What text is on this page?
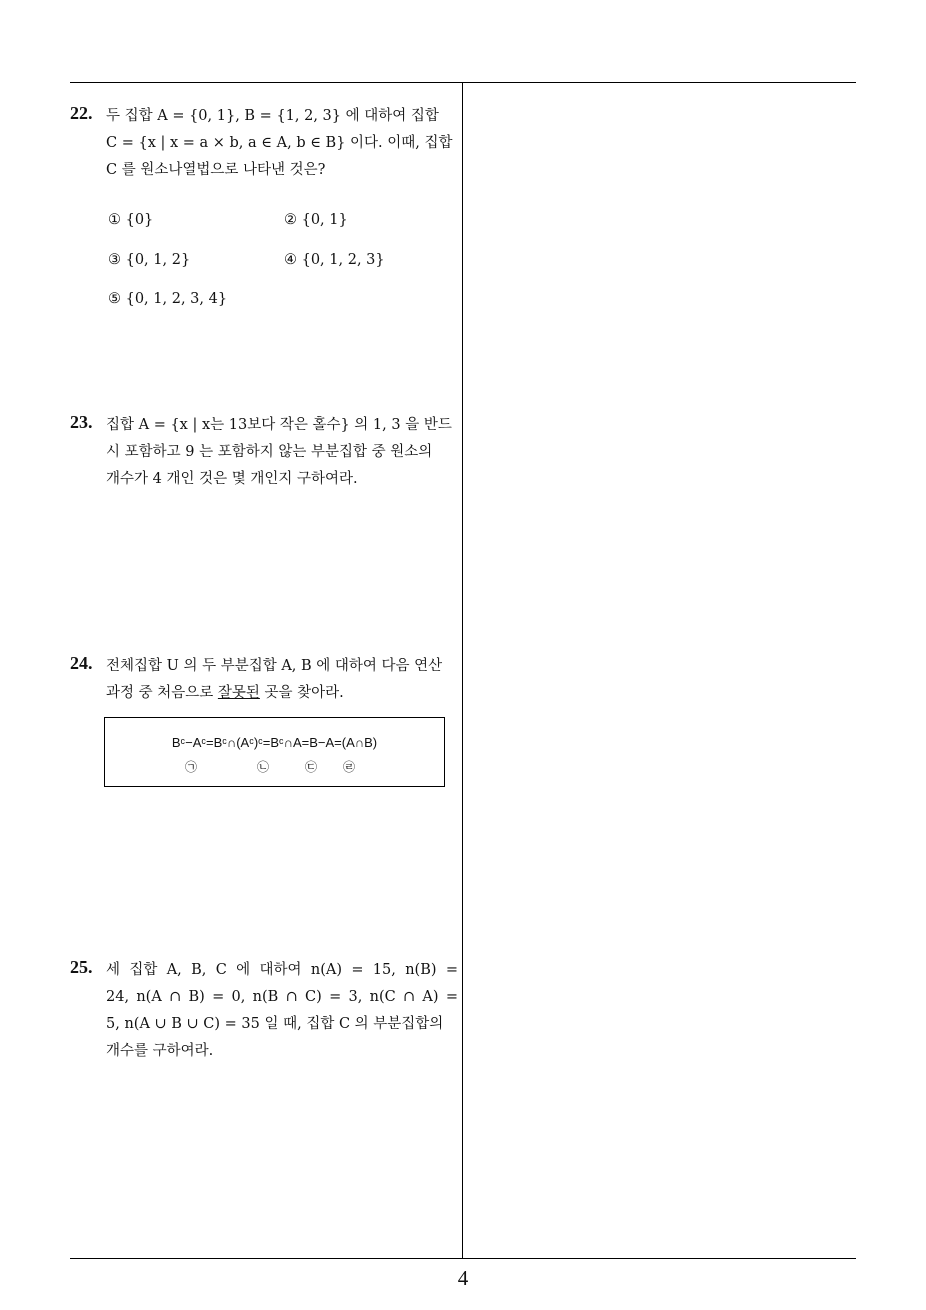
22. 두 집합 A = {0, 1}, B = {1, 2, 3} 에 대하여 집합
C = {x | x = a × b, a ∈ A, b ∈ B} 이다. 이때, 집합
C 를 원소나열법으로 나타낸 것은?
① {0}	② {0, 1}
③ {0, 1, 2}	④ {0, 1, 2, 3}
⑤ {0, 1, 2, 3, 4}
23. 집합 A = {x | x는 13보다 작은 홀수} 의 1, 3 을 반드
시 포함하고 9 는 포함하지 않는 부분집합 중 원소의
개수가 4 개인 것은 몇 개인지 구하여라.
24. 전체집합 U 의 두 부분집합 A, B 에 대하여 다음 연산
과정 중 처음으로 잘못된 곳을 찾아라.
Bᶜ−Aᶜ=Bᶜ∩(Aᶜ)ᶜ=Bᶜ∩A=B−A=(A∩B)
㉠	㉡	㉢ ㉣
25. 세 집합 A, B, C 에 대하여 n(A) = 15, n(B) =
24, n(A ∩ B) = 0, n(B ∩ C) = 3, n(C ∩ A) =
5, n(A ∪ B ∪ C) = 35 일 때, 집합 C 의 부분집합의
개수를 구하여라.
4
